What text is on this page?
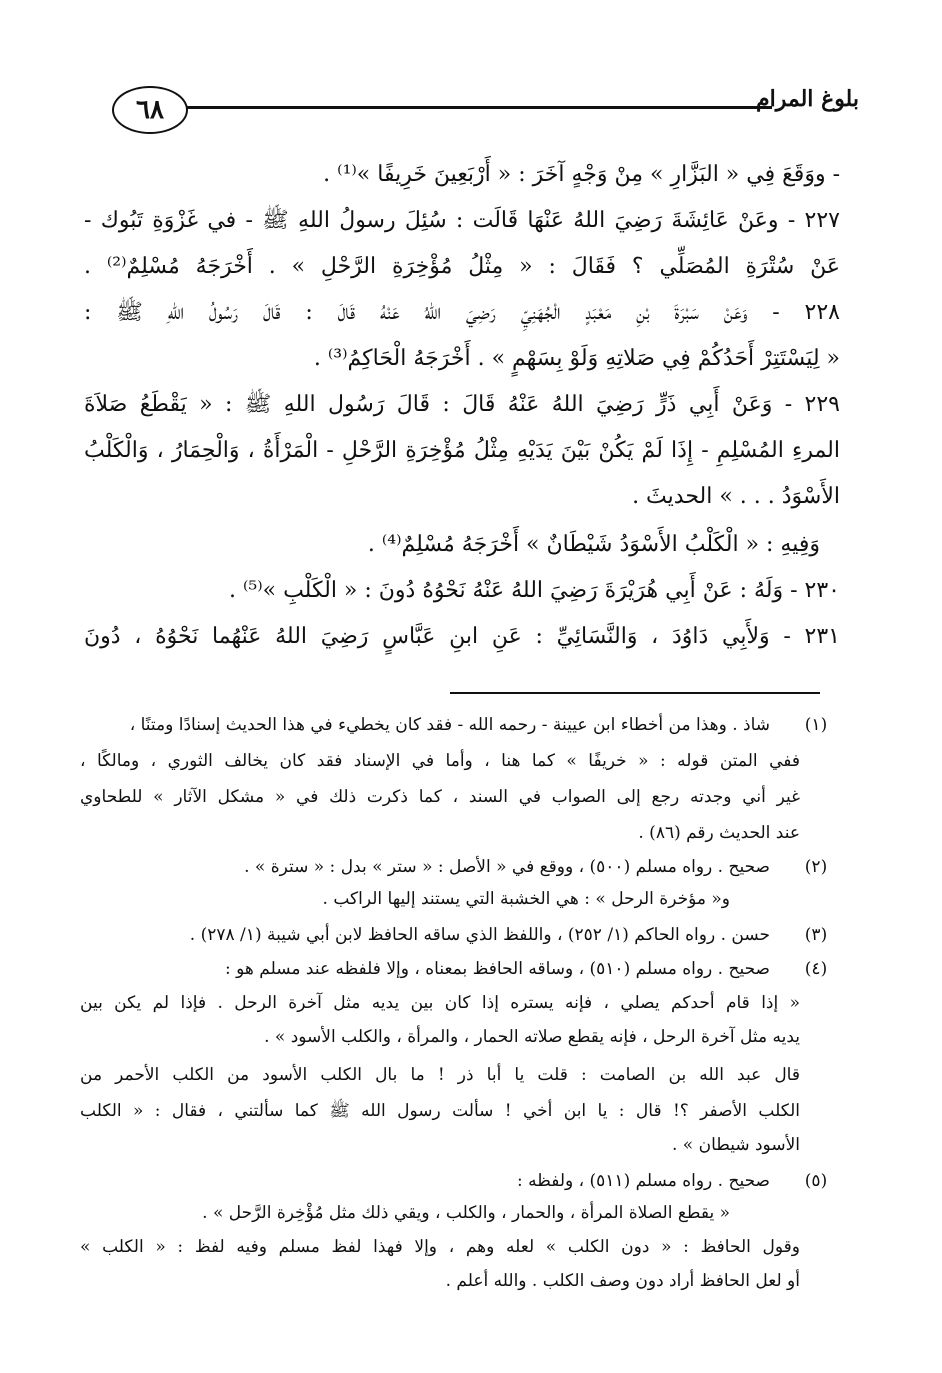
٦٨	بلوغ المرام
- ووَقَعَ فِي « البَزَّارِ » مِنْ وَجْهٍ آخَرَ : « أَرْبَعِينَ خَرِيفًا »⁽¹⁾ .
٢٢٧ - وعَنْ عَائِشَةَ رَضِيَ اللهُ عَنْهَا قَالَت : سُئِلَ رسولُ اللهِ ﷺ - في غَزْوَةِ تَبُوك -
عَنْ سُتْرَةِ المُصَلِّي ؟ فَقَالَ : « مِثْلُ مُؤْخِرَةِ الرَّحْلِ » . أَخْرَجَهُ مُسْلِمٌ⁽²⁾ .
٢٢٨ - وَعَنْ سَبْرَةَ بْنِ مَعْبَدٍ الْجُهَنِيِّ رَضِيَ اللهُ عَنْهُ قَالَ : قَالَ رَسُولُ اللهِ ﷺ :
« لِيَسْتَتِرْ أَحَدُكُمْ فِي صَلاتِهِ وَلَوْ بِسَهْمٍ » . أَخْرَجَهُ الْحَاكِمُ⁽³⁾ .
٢٢٩ - وَعَنْ أَبِي ذَرٍّ رَضِيَ اللهُ عَنْهُ قَالَ : قَالَ رَسُول اللهِ ﷺ : « يَقْطَعُ صَلاَةَ
المرءِ المُسْلِمِ - إِذَا لَمْ يَكُنْ بَيْنَ يَدَيْهِ مِثْلُ مُؤْخِرَةِ الرَّحْلِ - الْمَرْأَةُ ، وَالْحِمَارُ ، وَالْكَلْبُ
الأَسْوَدُ . . . » الحديثَ .
وَفِيهِ : « الْكَلْبُ الأَسْوَدُ شَيْطَانٌ » أَخْرَجَهُ مُسْلِمٌ⁽⁴⁾ .
٢٣٠ - وَلَهُ : عَنْ أَبِي هُرَيْرَةَ رَضِيَ اللهُ عَنْهُ نَحْوُهُ دُونَ : « الْكَلْبِ »⁽⁵⁾ .
٢٣١ - وَلأَبِي دَاوُدَ ، وَالنَّسَائِيِّ : عَنِ ابنِ عَبَّاسٍ رَضِيَ اللهُ عَنْهُما نَحْوُهُ ، دُونَ
(١)
(٢)
(٣)
(٤)
(٥)
شاذ . وهذا من أخطاء ابن عيينة - رحمه الله - فقد كان يخطيء في هذا الحديث إسنادًا ومتنًا ،
ففي المتن قوله : « خريفًا » كما هنا ، وأما في الإسناد فقد كان يخالف الثوري ، ومالكًا ،
غير أني وجدته رجع إلى الصواب في السند ، كما ذكرت ذلك في « مشكل الآثار » للطحاوي
عند الحديث رقم (٨٦) .
صحيح . رواه مسلم (٥٠٠) ، ووقع في « الأصل : « ستر » بدل : « سترة » .
و« مؤخرة الرحل » : هي الخشبة التي يستند إليها الراكب .
حسن . رواه الحاكم (١/ ٢٥٢) ، واللفظ الذي ساقه الحافظ لابن أبي شيبة (١/ ٢٧٨) .
صحيح . رواه مسلم (٥١٠) ، وساقه الحافظ بمعناه ، وإلا فلفظه عند مسلم هو :
« إذا قام أحدكم يصلي ، فإنه يستره إذا كان بين يديه مثل آخرة الرحل . فإذا لم يكن بين
يديه مثل آخرة الرحل ، فإنه يقطع صلاته الحمار ، والمرأة ، والكلب الأسود » .
قال عبد الله بن الصامت : قلت يا أبا ذر ! ما بال الكلب الأسود من الكلب الأحمر من
الكلب الأصفر ؟! قال : يا ابن أخي ! سألت رسول الله ﷺ كما سألتني ، فقال : « الكلب
الأسود شيطان » .
صحيح . رواه مسلم (٥١١) ، ولفظه :
« يقطع الصلاة المرأة ، والحمار ، والكلب ، ويقي ذلك مثل مُؤْخِرة الرَّحل » .
وقول الحافظ : « دون الكلب » لعله وهم ، وإلا فهذا لفظ مسلم وفيه لفظ : « الكلب »
أو لعل الحافظ أراد دون وصف الكلب . والله أعلم .
